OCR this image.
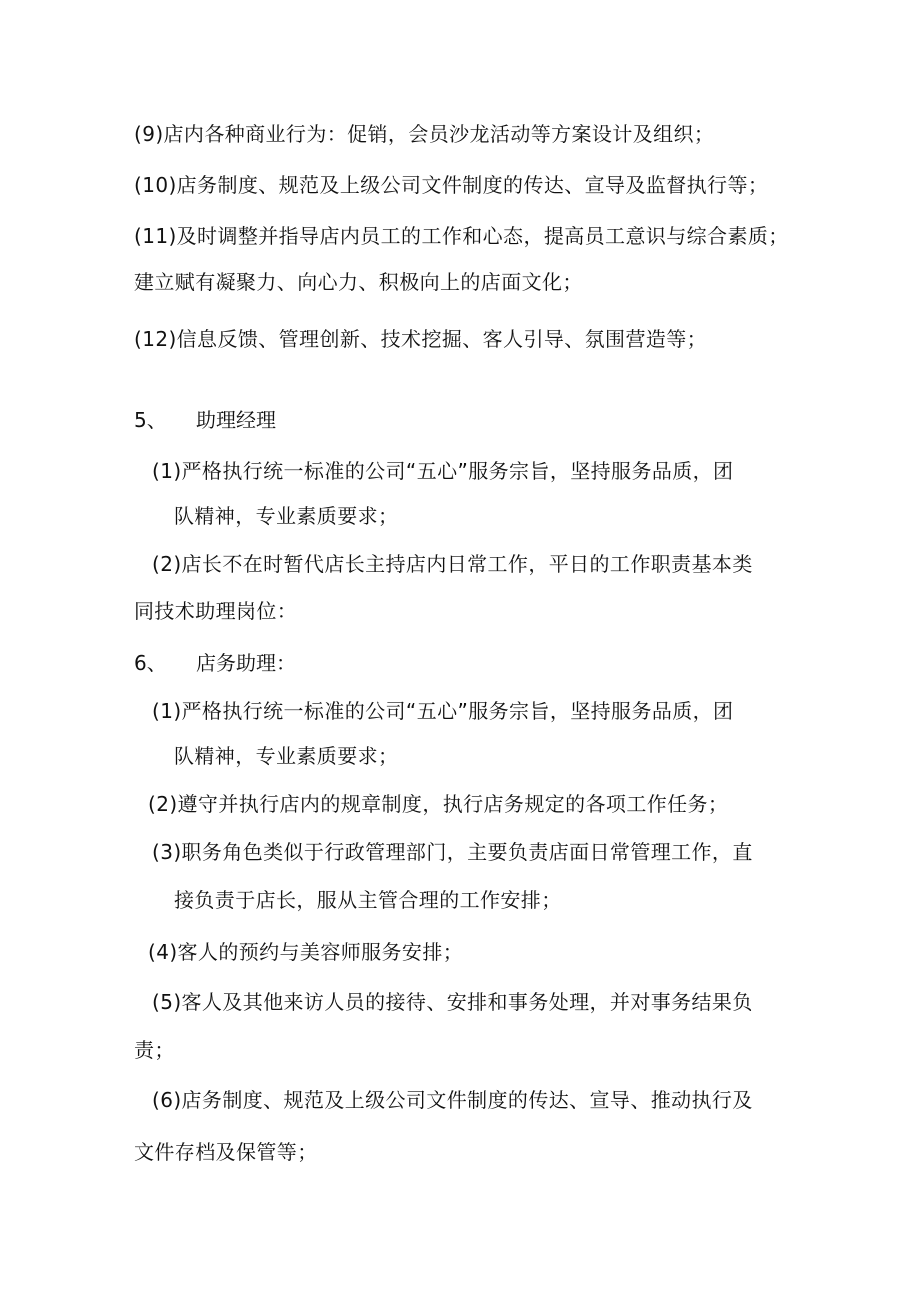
(9)店内各种商业行为：促销，会员沙龙活动等方案设计及组织；
(10)店务制度、规范及上级公司文件制度的传达、宣导及监督执行等；
(11)及时调整并指导店内员工的工作和心态，提高员工意识与综合素质；
建立赋有凝聚力、向心力、积极向上的店面文化；
(12)信息反馈、管理创新、技术挖掘、客人引导、氛围营造等；
5、 助理经理
(1)严格执行统一标准的公司“五心”服务宗旨，坚持服务品质，团
队精神，专业素质要求；
(2)店长不在时暂代店长主持店内日常工作，平日的工作职责基本类
同技术助理岗位：
6、 店务助理：
(1)严格执行统一标准的公司“五心”服务宗旨，坚持服务品质，团
队精神，专业素质要求；
(2)遵守并执行店内的规章制度，执行店务规定的各项工作任务；
(3)职务角色类似于行政管理部门，主要负责店面日常管理工作，直
接负责于店长，服从主管合理的工作安排；
(4)客人的预约与美容师服务安排；
(5)客人及其他来访人员的接待、安排和事务处理，并对事务结果负
责；
(6)店务制度、规范及上级公司文件制度的传达、宣导、推动执行及
文件存档及保管等；
